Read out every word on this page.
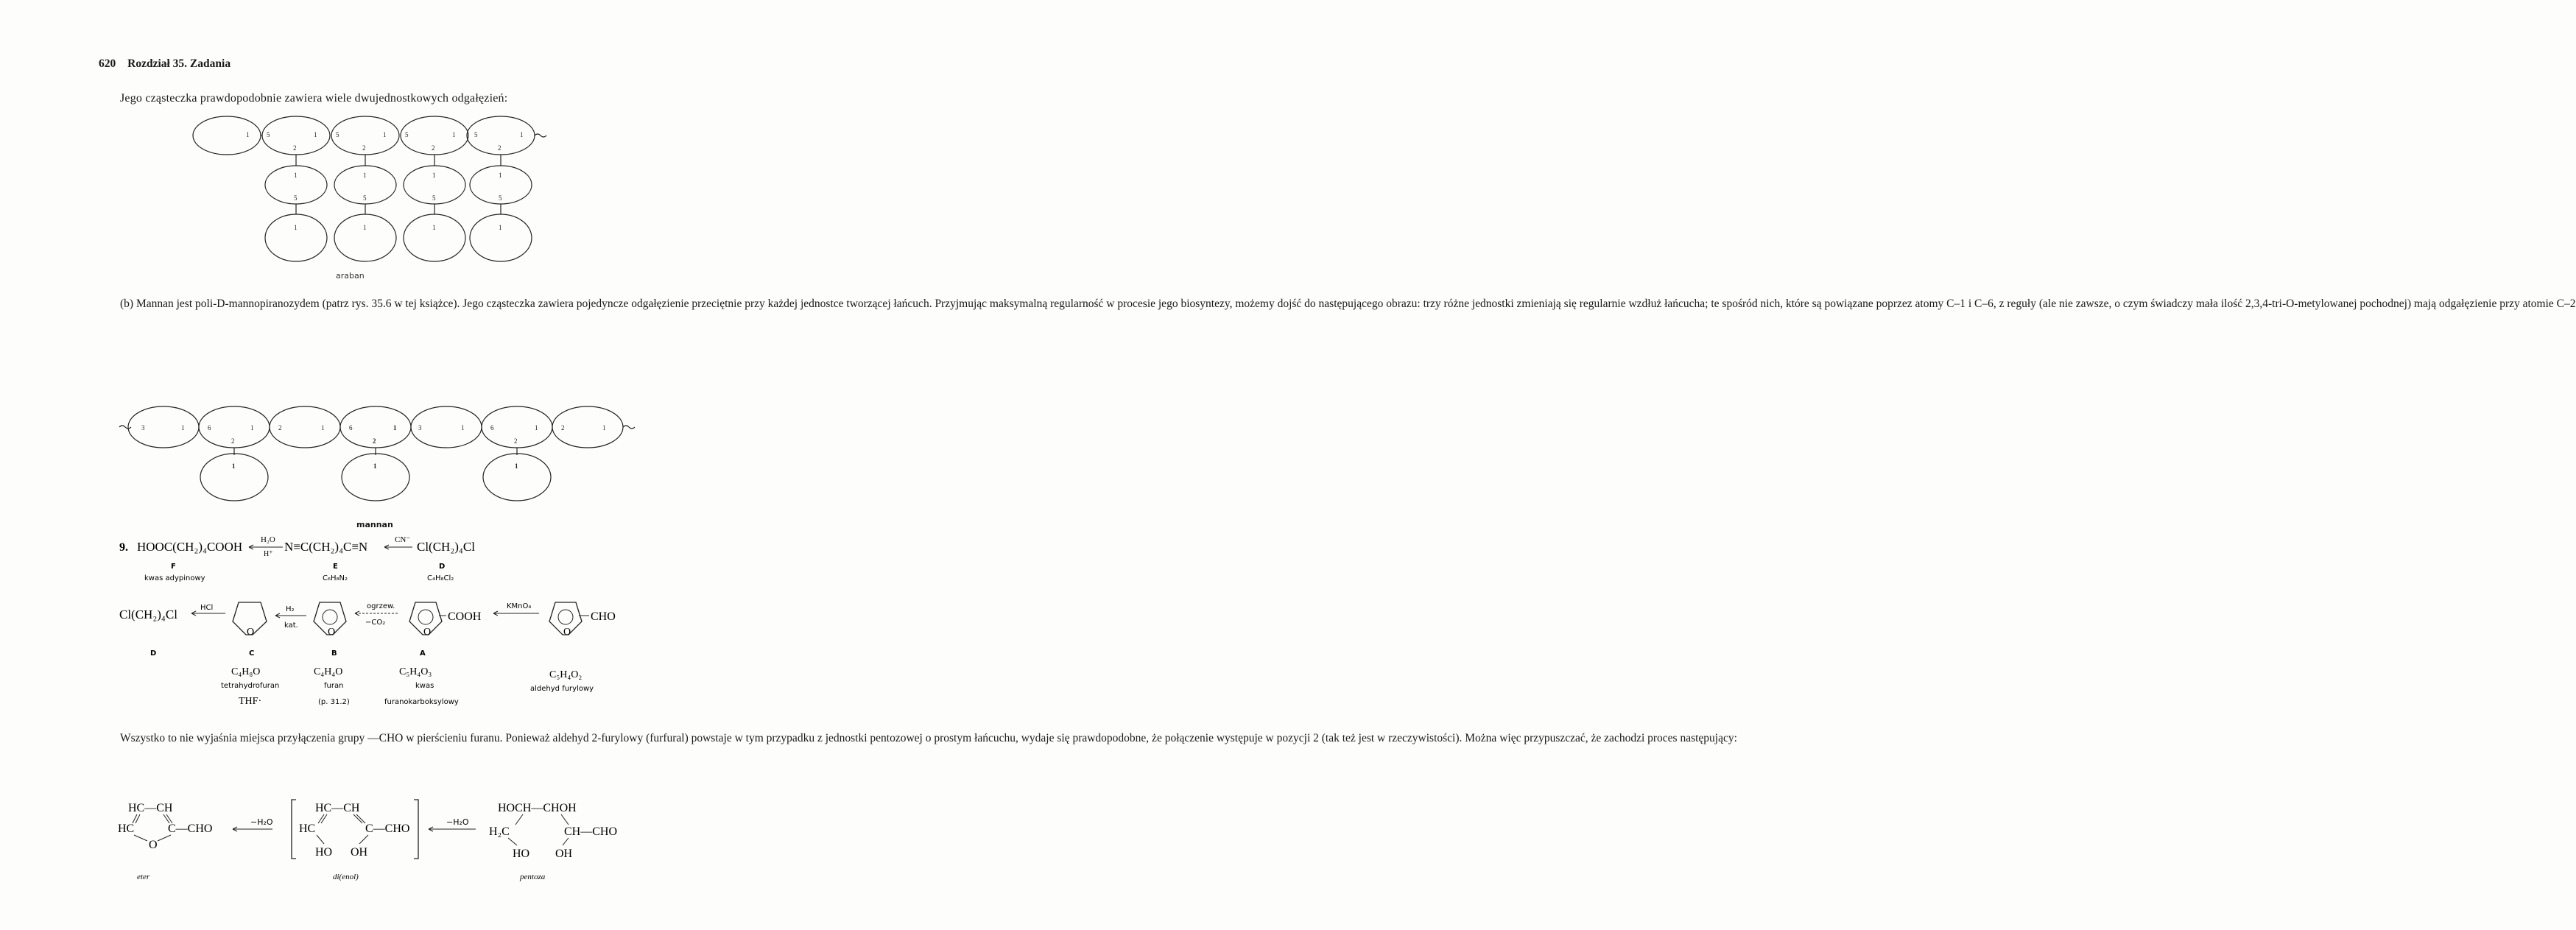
620 Rozdział 35. Zadania
Jego cząsteczka prawdopodobnie zawiera wiele dwujednostkowych odgałęzień:
1	5	1	5	1	5	1	5	1
2	2	2	2
1	1	1	1
5	5	5	5
1	1	1	1
araban
(b) Mannan jest poli-D-mannopiranozydem (patrz rys. 35.6 w tej książce). Jego cząsteczka zawiera pojedyncze odgałęzienie przeciętnie przy każdej jednostce tworzącej łańcuch. Przyjmując maksymalną regularność w procesie jego biosyntezy, możemy dojść do następującego obrazu: trzy różne jednostki zmieniają się regularnie wzdłuż łańcucha; te spośród nich, które są powiązane poprzez atomy C–1 i C–6, z reguły (ale nie zawsze, o czym świadczy mała ilość 2,3,4-tri-O-metylowanej pochodnej) mają odgałęzienie przy atomie C–2
3	1	6	1	2	1	6	1	3	1	6	1	2	1
2	2	2
1	1	1
mannan
9. HOOC(CH₂)₄COOH H₂O
H⁺
N≡C(CH₂)₄C≡N	CN⁻ Cl(CH₂)₄Cl
F
kwas adypinowy
E
C₆H₈N₂
D
C₄H₈Cl₂
Cl(CH₂)₄Cl	HCl
O
H₂
kat.
O
ogrzew.
−CO₂
O
COOH
KMnO₄
O
CHO
D	C	B	A
C₄H₈O	C₄H₄O	C₅H₄O₃	C₅H₄O₂
tetrahydrofuran	furan	kwas	aldehyd furylowy
THF·	(p. 31.2)	furanokarboksylowy
Wszystko to nie wyjaśnia miejsca przyłączenia grupy —CHO w pierścieniu furanu. Ponieważ aldehyd 2-furylowy (furfural) powstaje w tym przypadku z jednostki pentozowej o prostym łańcuchu, wydaje się prawdopodobne, że połączenie występuje w pozycji 2 (tak też jest w rzeczywistości). Można więc przypuszczać, że zachodzi proces następujący:
HC—CH
HC	C—CHO
O
−H₂O
HC—CH
HC	C—CHO
HO OH
−H₂O
HOCH—CHOH
H₂C	CH—CHO
HO OH
eter	di(enol)	pentoza
